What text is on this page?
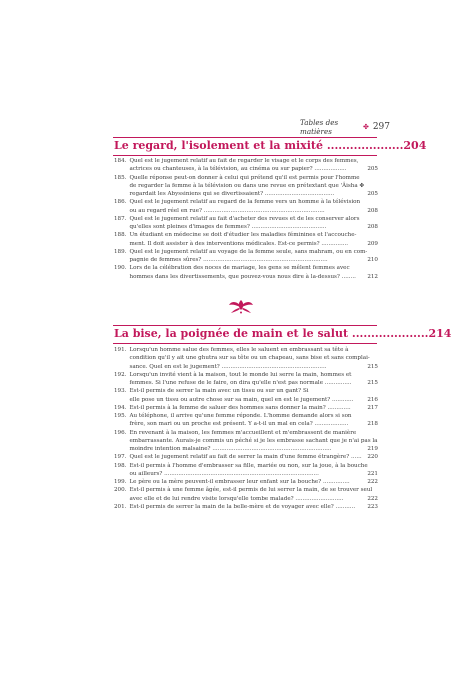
Tables des matières	✤ 297
Le regard, l'isolement et la mixité ....................204
184. Quel est le jugement relatif au fait de regarder le visage et le corps des femmes,
actrices ou chanteuses, à la télévision, au cinéma ou sur papier? ..................	205
185. Quelle réponse peut-on donner à celui qui prétend qu'il est permis pour l'homme
de regarder la femme à la télévision ou dans une revue en prétextant que 'Âisha ✤
regardait les Abyssiniens qui se divertissaient? .......................................	205
186. Quel est le jugement relatif au regard de la femme vers un homme à la télévision
ou au regard réel en rue? ....................................................................	208
187. Quel est le jugement relatif au fait d'acheter des revues et de les conserver alors
qu'elles sont pleines d'images de femmes? ..........................................	208
188. Un étudiant en médecine se doit d'étudier les maladies féminines et l'accouche-
ment. Il doit assister à des interventions médicales. Est-ce permis? ...............	209
189. Quel est le jugement relatif au voyage de la femme seule, sans mahram, ou en com-
pagnie de femmes sûres? ......................................................................	210
190. Lors de la célébration des noces de mariage, les gens se mêlent femmes avec
hommes dans les divertissements, que pouvez-vous nous dire à la-dessus? ........	212
La bise, la poignée de main et le salut ....................214
191. Lorsqu'un homme salue des femmes, elles le saluent en embrassant sa tête à
condition qu'il y ait une ghutra sur sa tête ou un chapeau, sans bise et sans complai-
sance. Quel en est le jugement? ...........................................................	215
192. Lorsqu'un invité vient à la maison, tout le monde lui serre la main, hommes et
femmes. Si l'une refuse de le faire, on dira qu'elle n'est pas normale ...............	215
193. Est-il permis de serrer la main avec un tissu ou sur un gant? Si
elle pose un tissu ou autre chose sur sa main, quel en est le jugement? ............	216
194. Est-il permis à la femme de saluer des hommes sans donner la main? .............	217
195. Au téléphone, il arrive qu'une femme réponde. L'homme demande alors si son
frère, son mari ou un proche est présent. Y a-t-il un mal en cela? ...................	218
196. En revenant à la maison, les femmes m'accueillent et m'embrassent de manière
embarrassante. Aurais-je commis un péché si je les embrasse sachant que je n'ai pas la
moindre intention malsaine? ...................................................................	219
197. Quel est le jugement relatif au fait de serrer la main d'une femme étrangère? ......	220
198. Est-il permis à l'homme d'embrasser sa fille, mariée ou non, sur la joue, à la bouche
ou ailleurs? .......................................................................................	221
199. Le père ou la mère peuvent-il embrasser leur enfant sur la bouche? ...............	222
200. Est-il permis à une femme âgée, est-il permis de lui serrer la main, de se trouver seul
avec elle et de lui rendre visite lorsqu'elle tombe malade? ...........................	222
201. Est-il permis de serrer la main de la belle-mère et de voyager avec elle? ...........	223
